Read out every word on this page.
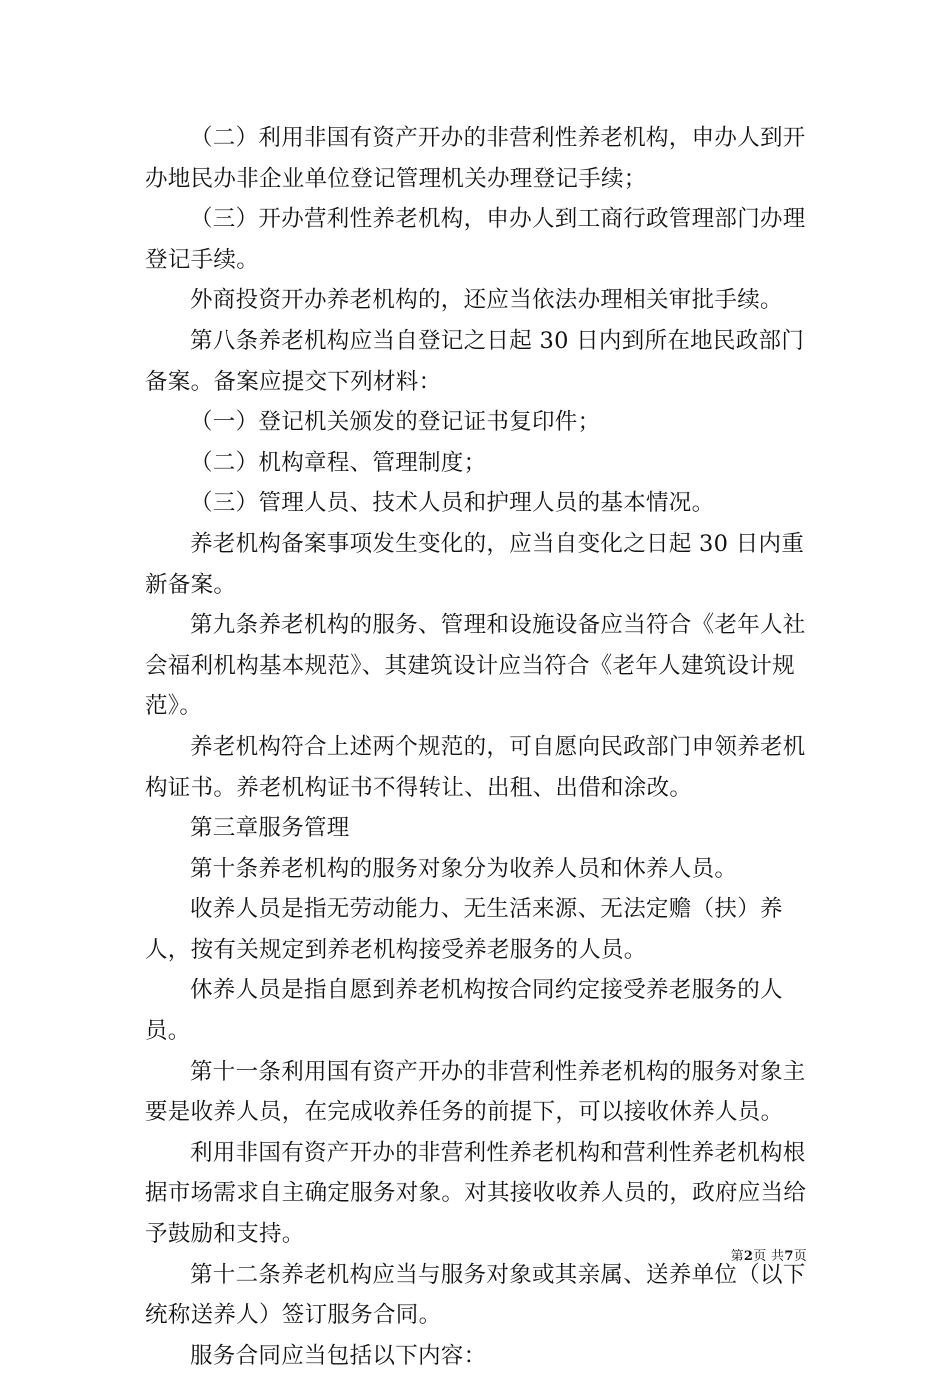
（二）利用非国有资产开办的非营利性养老机构，申办人到开办地民办非企业单位登记管理机关办理登记手续；

（三）开办营利性养老机构，申办人到工商行政管理部门办理登记手续。

外商投资开办养老机构的，还应当依法办理相关审批手续。

第八条养老机构应当自登记之日起 30 日内到所在地民政部门备案。备案应提交下列材料：

（一）登记机关颁发的登记证书复印件；

（二）机构章程、管理制度；

（三）管理人员、技术人员和护理人员的基本情况。

养老机构备案事项发生变化的，应当自变化之日起 30 日内重新备案。

第九条养老机构的服务、管理和设施设备应当符合《老年人社会福利机构基本规范》、其建筑设计应当符合《老年人建筑设计规范》。

养老机构符合上述两个规范的，可自愿向民政部门申领养老机构证书。养老机构证书不得转让、出租、出借和涂改。

第三章服务管理

第十条养老机构的服务对象分为收养人员和休养人员。

收养人员是指无劳动能力、无生活来源、无法定赡（扶）养人，按有关规定到养老机构接受养老服务的人员。

休养人员是指自愿到养老机构按合同约定接受养老服务的人员。

第十一条利用国有资产开办的非营利性养老机构的服务对象主要是收养人员，在完成收养任务的前提下，可以接收休养人员。

利用非国有资产开办的非营利性养老机构和营利性养老机构根据市场需求自主确定服务对象。对其接收收养人员的，政府应当给予鼓励和支持。

第十二条养老机构应当与服务对象或其亲属、送养单位（以下统称送养人）签订服务合同。

服务合同应当包括以下内容：

第2页 共7页
